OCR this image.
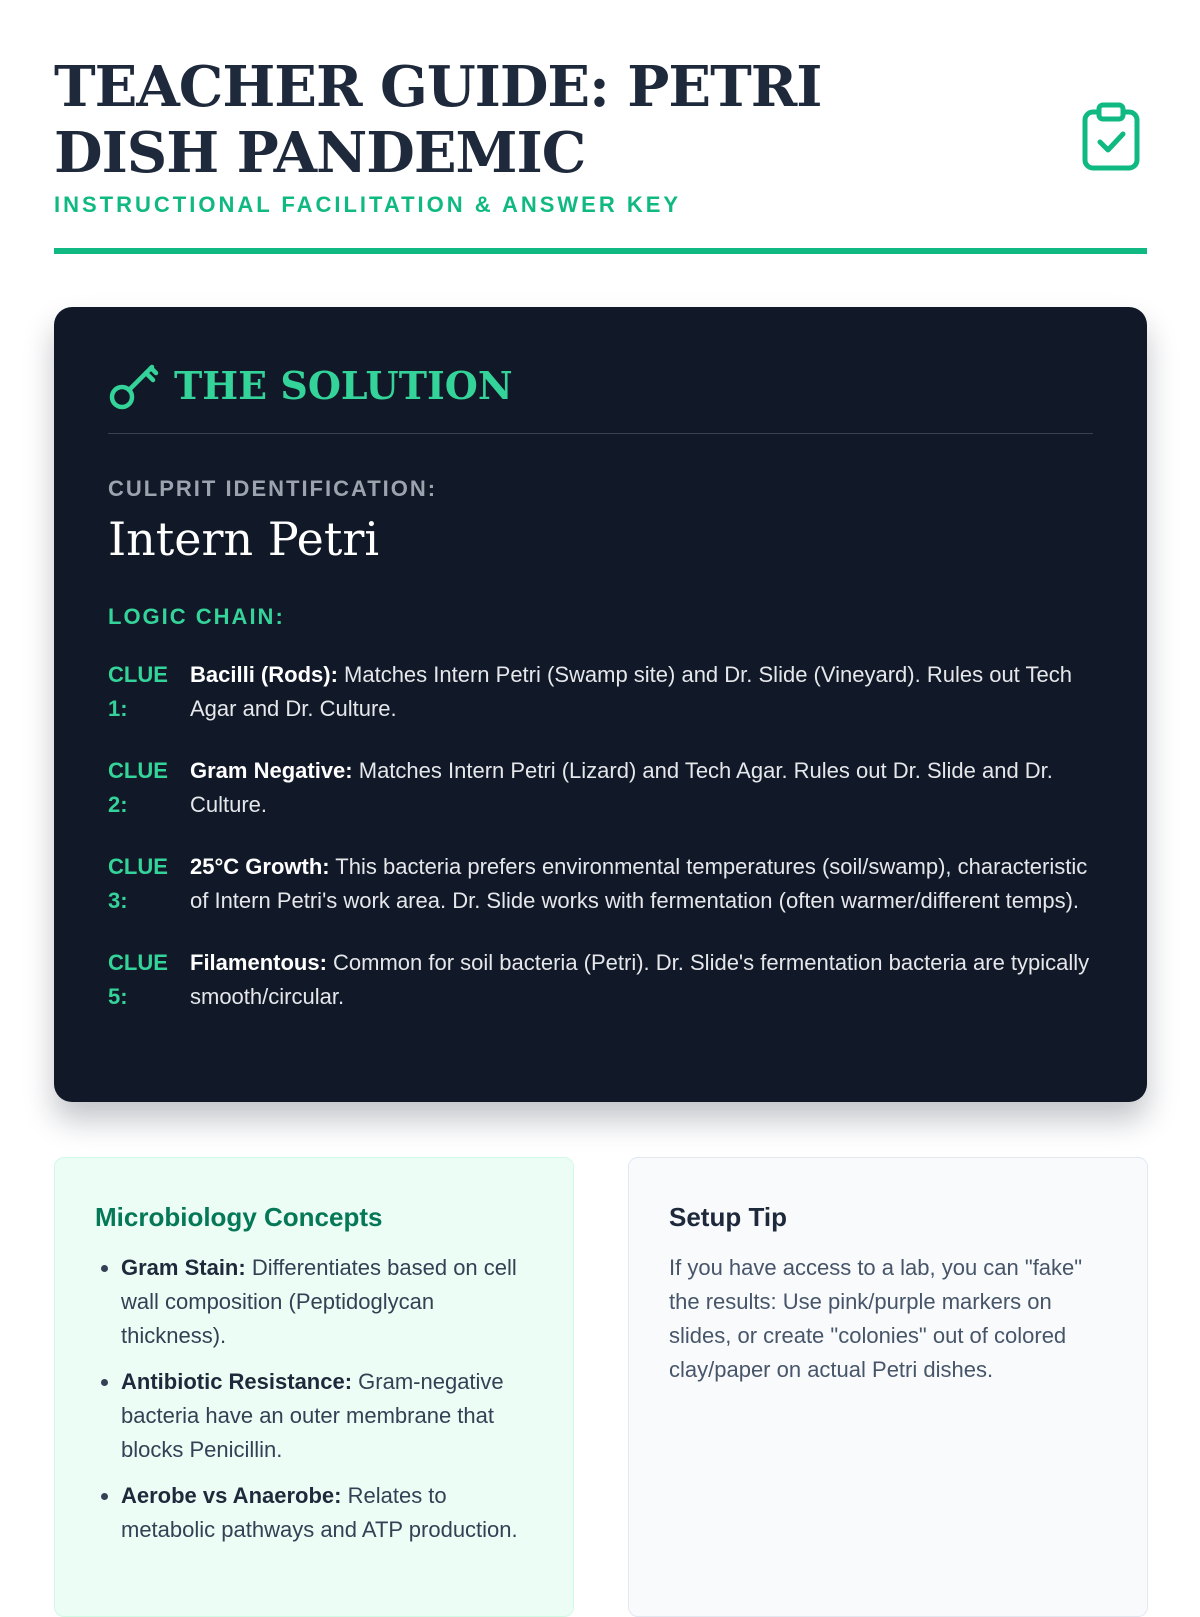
TEACHER GUIDE: PETRI DISH PANDEMIC
INSTRUCTIONAL FACILITATION & ANSWER KEY
THE SOLUTION
CULPRIT IDENTIFICATION:
Intern Petri
LOGIC CHAIN:
CLUE 1:
Bacilli (Rods): Matches Intern Petri (Swamp site) and Dr. Slide (Vineyard). Rules out Tech Agar and Dr. Culture.
CLUE 2:
Gram Negative: Matches Intern Petri (Lizard) and Tech Agar. Rules out Dr. Slide and Dr. Culture.
CLUE 3:
25°C Growth: This bacteria prefers environmental temperatures (soil/swamp), characteristic of Intern Petri's work area. Dr. Slide works with fermentation (often warmer/different temps).
CLUE 5:
Filamentous: Common for soil bacteria (Petri). Dr. Slide's fermentation bacteria are typically smooth/circular.
Microbiology Concepts
• Gram Stain: Differentiates based on cell wall composition (Peptidoglycan thickness).
• Antibiotic Resistance: Gram-negative bacteria have an outer membrane that blocks Penicillin.
• Aerobe vs Anaerobe: Relates to metabolic pathways and ATP production.
Setup Tip

If you have access to a lab, you can "fake" the results: Use pink/purple markers on slides, or create "colonies" out of colored clay/paper on actual Petri dishes.
